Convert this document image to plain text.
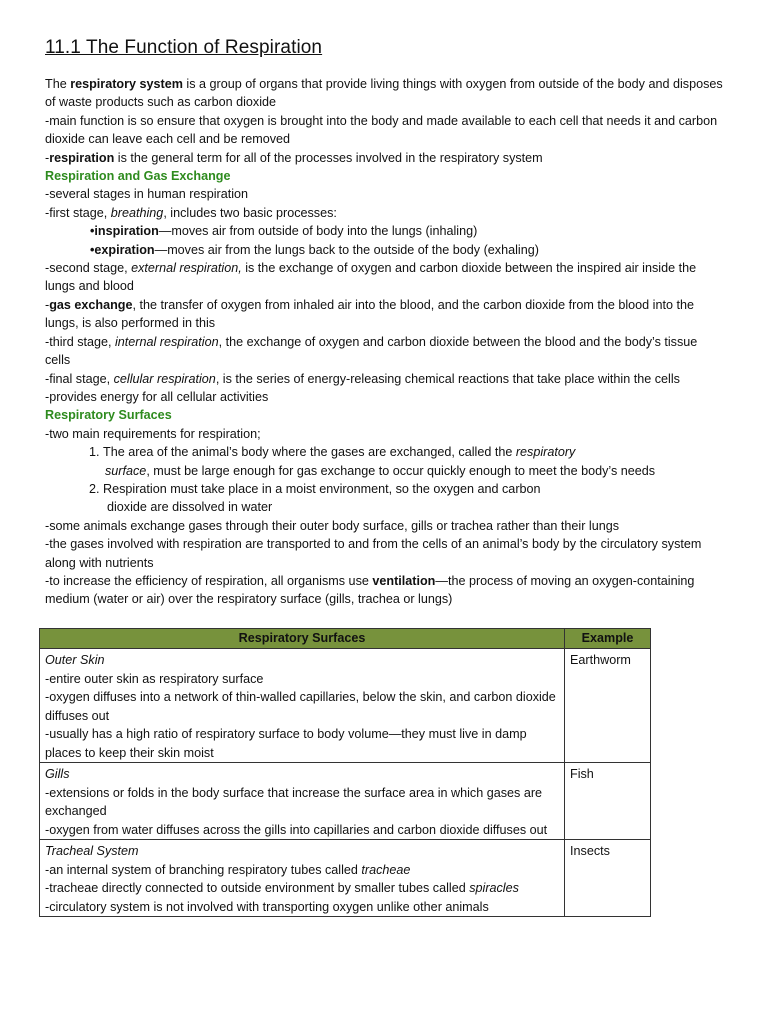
11.1 The Function of Respiration

The respiratory system is a group of organs that provide living things with oxygen from outside of the body and disposes of waste products such as carbon dioxide

-main function is so ensure that oxygen is brought into the body and made available to each cell that needs it and carbon dioxide can leave each cell and be removed

-respiration is the general term for all of the processes involved in the respiratory system

Respiration and Gas Exchange

-several stages in human respiration

-first stage, breathing, includes two basic processes:

•inspiration—moves air from outside of body into the lungs (inhaling)

•expiration—moves air from the lungs back to the outside of the body (exhaling)

-second stage, external respiration, is the exchange of oxygen and carbon dioxide between the inspired air inside the lungs and blood

-gas exchange, the transfer of oxygen from inhaled air into the blood, and the carbon dioxide from the blood into the lungs, is also performed in this

-third stage, internal respiration, the exchange of oxygen and carbon dioxide between the blood and the body’s tissue cells

-final stage, cellular respiration, is the series of energy-releasing chemical reactions that take place within the cells

-provides energy for all cellular activities

Respiratory Surfaces

-two main requirements for respiration;

1. The area of the animal’s body where the gases are exchanged, called the respiratory
surface, must be large enough for gas exchange to occur quickly enough to meet the body’s needs

2. Respiration must take place in a moist environment, so the oxygen and carbon
dioxide are dissolved in water

-some animals exchange gases through their outer body surface, gills or trachea rather than their lungs

-the gases involved with respiration are transported to and from the cells of an animal’s body by the circulatory system along with nutrients

-to increase the efficiency of respiration, all organisms use ventilation—the process of moving an oxygen-containing medium (water or air) over the respiratory surface (gills, trachea or lungs)

Respiratory Surfaces	Example
Outer Skin
-entire outer skin as respiratory surface
-oxygen diffuses into a network of thin-walled capillaries, below the skin, and carbon dioxide diffuses out
-usually has a high ratio of respiratory surface to body volume—they must live in damp places to keep their skin moist	Earthworm
Gills
-extensions or folds in the body surface that increase the surface area in which gases are exchanged
-oxygen from water diffuses across the gills into capillaries and carbon dioxide diffuses out	Fish
Tracheal System
-an internal system of branching respiratory tubes called tracheae
-tracheae directly connected to outside environment by smaller tubes called spiracles
-circulatory system is not involved with transporting oxygen unlike other animals	Insects
